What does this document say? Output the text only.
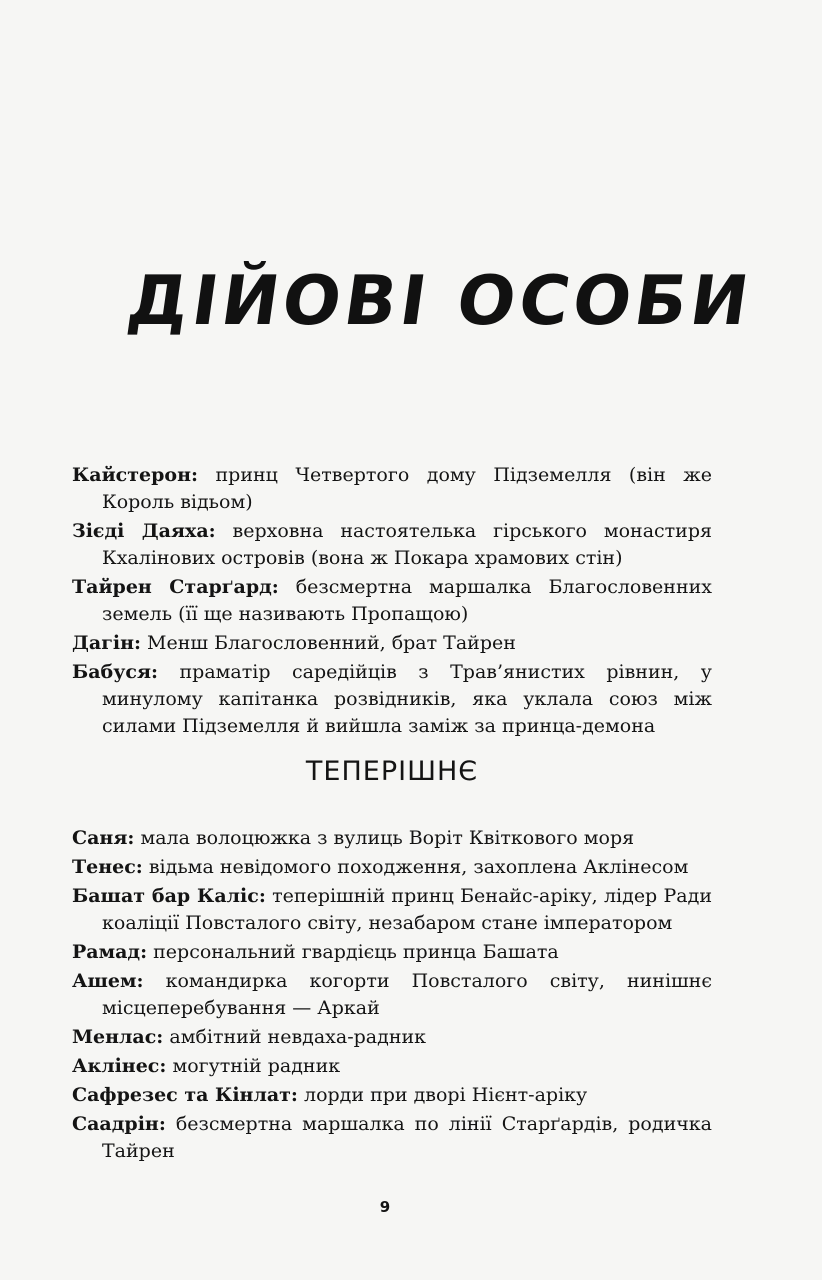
ДІЙОВІ ОСОБИ

Кайстерон: принц Четвертого дому Підземелля (він же Король відьом)

Зієді Даяха: верховна настоятелька гірського монастиря Кхалінових островів (вона ж Покара храмових стін)

Тайрен Старґард: безсмертна маршалка Благословенних земель (її ще називають Пропащою)

Дагін: Менш Благословенний, брат Тайрен

Бабуся: праматір саредійців з Трав’янистих рівнин, у минулому капітанка розвідників, яка уклала союз між силами Підземелля й вийшла заміж за принца-демона

ТЕПЕРІШНЄ

Саня: мала волоцюжка з вулиць Воріт Квіткового моря

Тенес: відьма невідомого походження, захоплена Аклінесом

Башат бар Каліс: теперішній принц Бенайс-аріку, лідер Ради коаліції Повсталого світу, незабаром стане імператором

Рамад: персональний гвардієць принца Башата

Ашем: командирка когорти Повсталого світу, нинішнє місцеперебування — Аркай

Менлас: амбітний невдаха-радник

Аклінес: могутній радник

Сафрезес та Кінлат: лорди при дворі Нієнт-аріку

Саадрін: безсмертна маршалка по лінії Старґардів, родичка Тайрен

9
